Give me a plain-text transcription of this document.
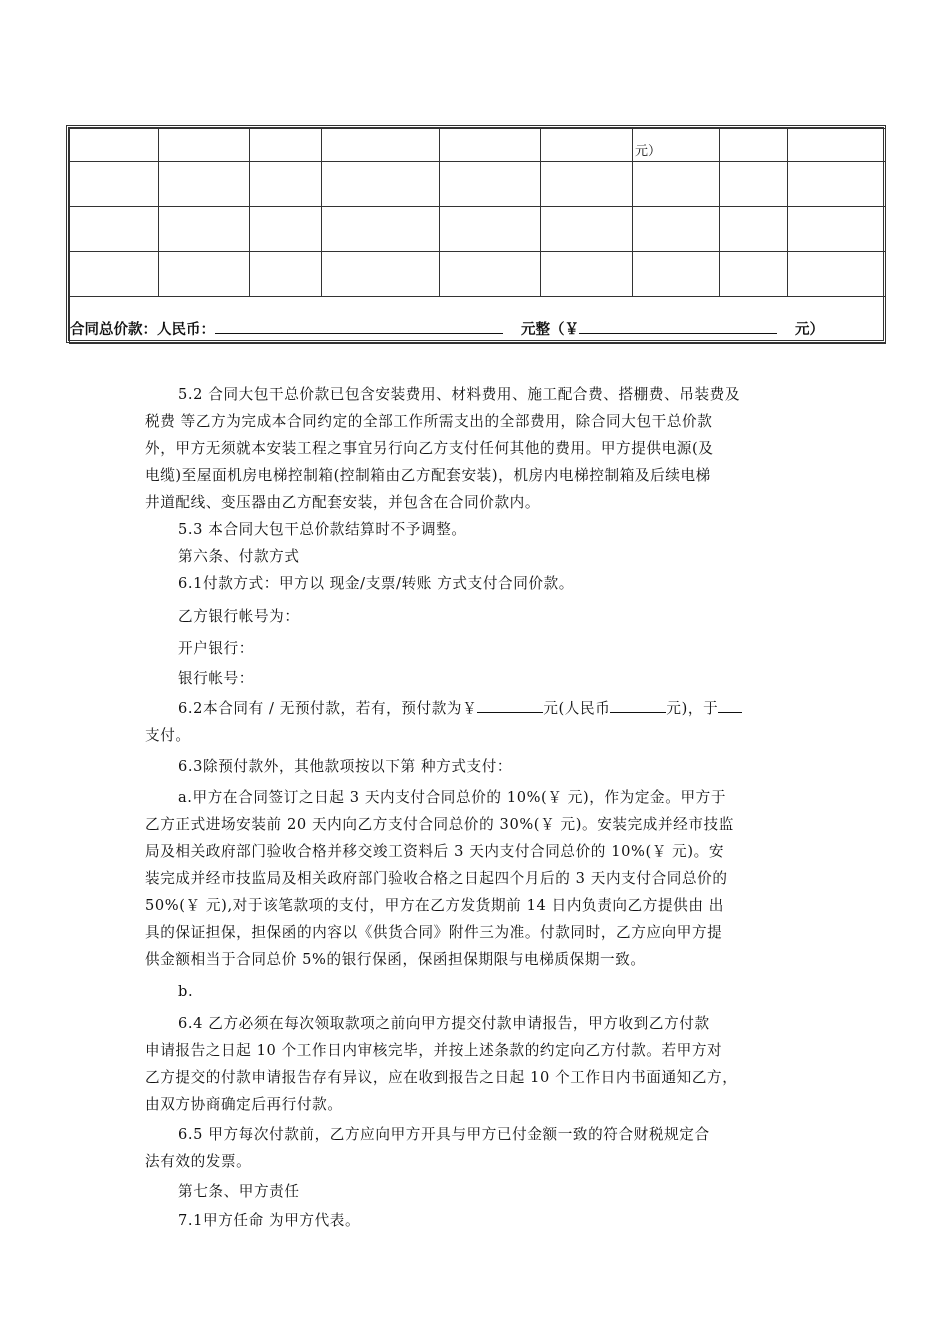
						元）		

合同总价款：人民币： 元整（￥ 元）								
5.2 合同大包干总价款已包含安装费用、材料费用、施工配合费、搭棚费、吊装费及
税费 等乙方为完成本合同约定的全部工作所需支出的全部费用，除合同大包干总价款
外，甲方无须就本安装工程之事宜另行向乙方支付任何其他的费用。甲方提供电源(及
电缆)至屋面机房电梯控制箱(控制箱由乙方配套安装)，机房内电梯控制箱及后续电梯
井道配线、变压器由乙方配套安装，并包含在合同价款内。
5.3 本合同大包干总价款结算时不予调整。
第六条、付款方式
6.1付款方式：甲方以 现金/支票/转账 方式支付合同价款。
乙方银行帐号为：
开户银行：
银行帐号：
6.2本合同有 / 无预付款，若有，预付款为￥	元(人民币	元)，于
支付。
6.3除预付款外，其他款项按以下第 种方式支付：
a.甲方在合同签订之日起 3 天内支付合同总价的 10%(￥ 元)，作为定金。甲方于
乙方正式进场安装前 20 天内向乙方支付合同总价的 30%(￥ 元)。安装完成并经市技监
局及相关政府部门验收合格并移交竣工资料后 3 天内支付合同总价的 10%(￥ 元)。安
装完成并经市技监局及相关政府部门验收合格之日起四个月后的 3 天内支付合同总价的
50%(￥ 元),对于该笔款项的支付，甲方在乙方发货期前 14 日内负责向乙方提供由 出
具的保证担保，担保函的内容以《供货合同》附件三为准。付款同时，乙方应向甲方提
供金额相当于合同总价 5%的银行保函，保函担保期限与电梯质保期一致。
b.
6.4 乙方必须在每次领取款项之前向甲方提交付款申请报告，甲方收到乙方付款
申请报告之日起 10 个工作日内审核完毕，并按上述条款的约定向乙方付款。若甲方对
乙方提交的付款申请报告存有异议，应在收到报告之日起 10 个工作日内书面通知乙方，
由双方协商确定后再行付款。
6.5 甲方每次付款前，乙方应向甲方开具与甲方已付金额一致的符合财税规定合
法有效的发票。
第七条、甲方责任
7.1甲方任命 为甲方代表。
